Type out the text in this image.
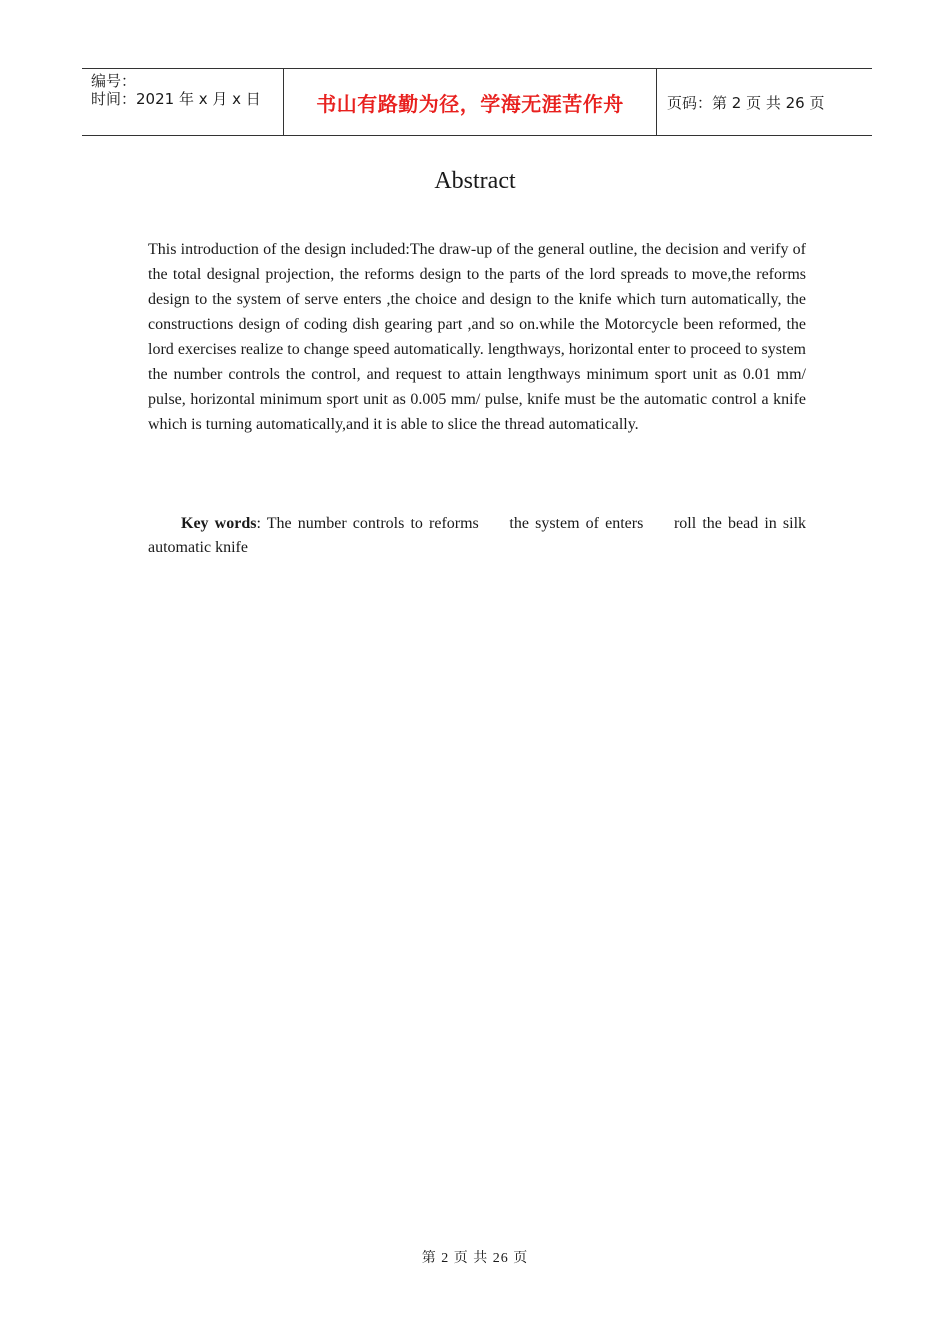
编号：
时间：2021 年 x 月 x 日	书山有路勤为径，学海无涯苦作舟	页码：第 2 页 共 26 页
Abstract
This introduction of the design included:The draw-up of the general outline, the decision and verify of the total designal projection, the reforms design to the parts of the lord spreads to move,the reforms design to the system of serve enters ,the choice and design to the knife which turn automatically, the constructions design of coding dish gearing part ,and so on.while the Motorcycle been reformed, the lord exercises realize to change speed automatically. lengthways, horizontal enter to proceed to system the number controls the control, and request to attain lengthways minimum sport unit as 0.01 mm/ pulse, horizontal minimum sport unit as 0.005 mm/ pulse, knife must be the automatic control a knife which is turning automatically,and it is able to slice the thread automatically.
Key words: The number controls to reforms     the system of enters     roll the bead in silk automatic knife
第 2 页 共 26 页
